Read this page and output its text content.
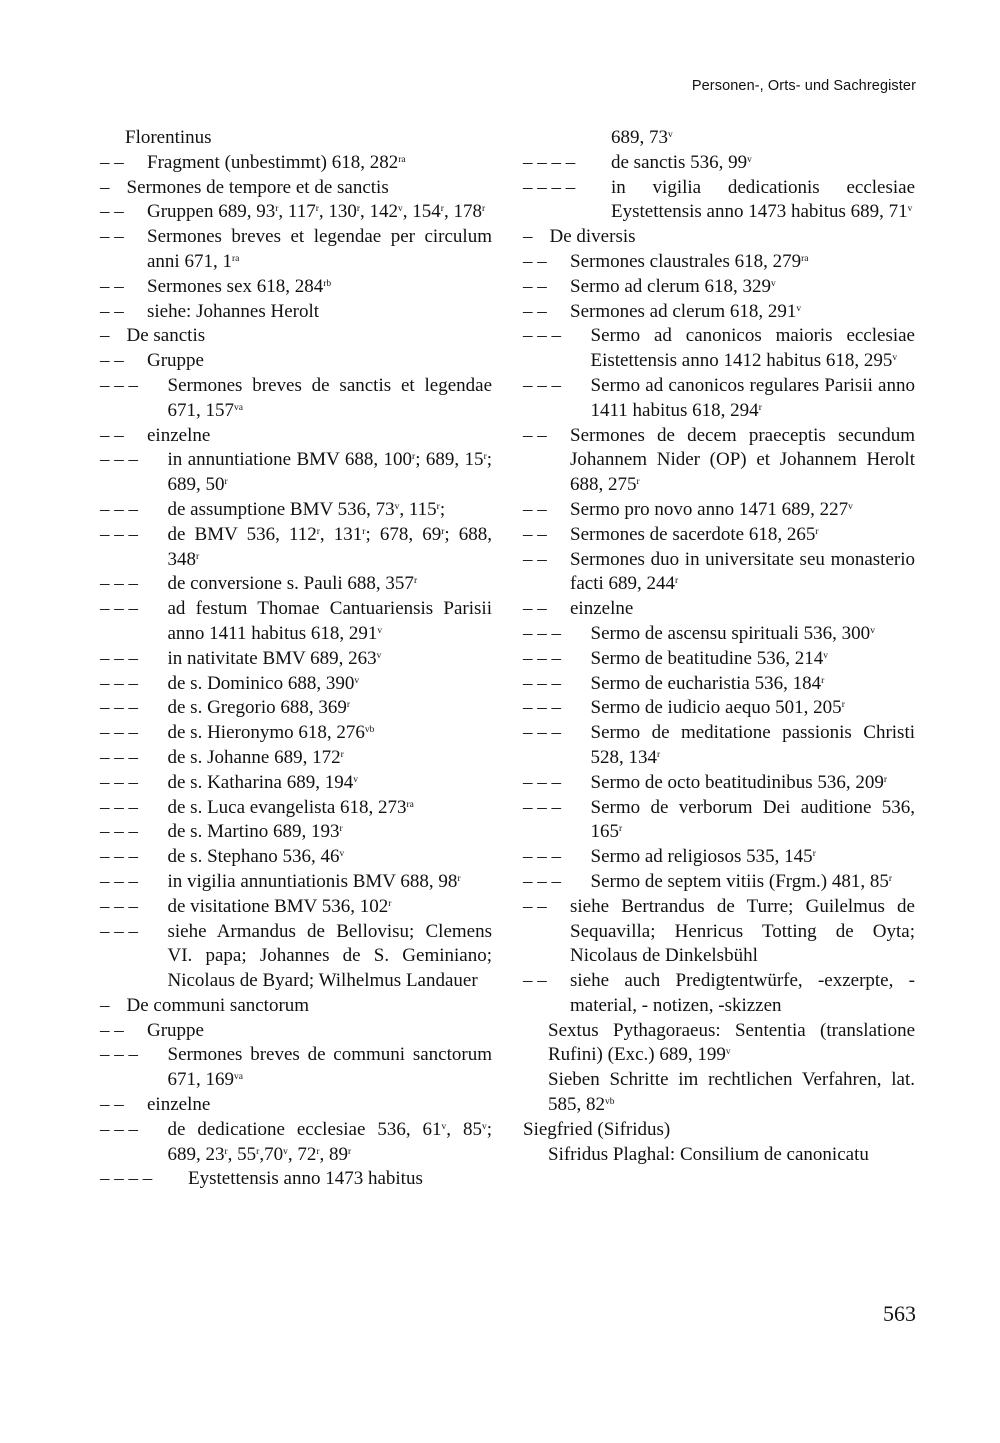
Personen-, Orts- und Sachregister
Florentinus
– – Fragment (unbestimmt) 618, $282^{ra}$
– Sermones de tempore et de sanctis
– – Gruppen 689, 93$^r$, 117$^r$, 130$^r$, 142$^v$, 154$^r$, 178$^r$
– – Sermones breves et legendae per circulum anni 671, $1^{ra}$
– – Sermones sex 618, $284^{rb}$
– – siehe: Johannes Herolt
– De sanctis
– – Gruppe
– – – Sermones breves de sanctis et legendae 671, $157^{va}$
– – einzelne
– – – in annuntiatione BMV 688, 100$^r$; 689, 15$^r$; 689, 50$^r$
– – – de assumptione BMV 536, 73$^v$, 115$^r$;
– – – de BMV 536, 112$^r$, 131$^r$; 678, 69$^r$; 688, 348$^r$
– – – de conversione s. Pauli 688, 357$^r$
– – – ad festum Thomae Cantuariensis Parisii anno 1411 habitus 618, 291$^v$
– – – in nativitate BMV 689, 263$^v$
– – – de s. Dominico 688, 390$^v$
– – – de s. Gregorio 688, 369$^r$
– – – de s. Hieronymo 618, $276^{vb}$
– – – de s. Johanne 689, 172$^r$
– – – de s. Katharina 689, 194$^v$
– – – de s. Luca evangelista 618, $273^{ra}$
– – – de s. Martino 689, 193$^r$
– – – de s. Stephano 536, 46$^v$
– – – in vigilia annuntiationis BMV 688, 98$^r$
– – – de visitatione BMV 536, 102$^r$
– – – siehe Armandus de Bellovisu; Clemens VI. papa; Johannes de S. Geminiano; Nicolaus de Byard; Wilhelmus Landauer
– De communi sanctorum
– – Gruppe
– – – Sermones breves de communi sanctorum 671, $169^{va}$
– – einzelne
– – – de dedicatione ecclesiae 536, 61$^v$, 85$^v$; 689, 23$^r$, 55$^r$,70$^v$, 72$^r$, 89$^r$
– – – – Eystettensis anno 1473 habitus
689, 73$^v$
– – – – de sanctis 536, 99$^v$
– – – – in vigilia dedicationis ecclesiae Eystettensis anno 1473 habitus 689, 71$^v$
– De diversis
– – Sermones claustrales 618, $279^{ra}$
– – Sermo ad clerum 618, 329$^v$
– – Sermones ad clerum 618, 291$^v$
– – – Sermo ad canonicos maioris ecclesiae Eistettensis anno 1412 habitus 618, 295$^v$
– – – Sermo ad canonicos regulares Parisii anno 1411 habitus 618, 294$^r$
– – Sermones de decem praeceptis secundum Johannem Nider (OP) et Johannem Herolt 688, 275$^r$
– – Sermo pro novo anno 1471 689, 227$^v$
– – Sermones de sacerdote 618, 265$^r$
– – Sermones duo in universitate seu monasterio facti 689, 244$^r$
– – einzelne
– – – Sermo de ascensu spirituali 536, 300$^v$
– – – Sermo de beatitudine 536, 214$^v$
– – – Sermo de eucharistia 536, 184$^r$
– – – Sermo de iudicio aequo 501, 205$^r$
– – – Sermo de meditatione passionis Christi 528, 134$^r$
– – – Sermo de octo beatitudinibus 536, 209$^r$
– – – Sermo de verborum Dei auditione 536, 165$^r$
– – – Sermo ad religiosos 535, 145$^r$
– – – Sermo de septem vitiis (Frgm.) 481, 85$^r$
– – siehe Bertrandus de Turre; Guilelmus de Sequavilla; Henricus Totting de Oyta; Nicolaus de Dinkelsbühl
– – siehe auch Predigtentwürfe, -exzerpte, -material, - notizen, -skizzen
Sextus Pythagoraeus: Sententia (translatione Rufini) (Exc.) 689, 199$^v$
Sieben Schritte im rechtlichen Verfahren, lat. 585, $82^{vb}$
Siegfried (Sifridus)
Sifridus Plaghal: Consilium de canonicatu
563
